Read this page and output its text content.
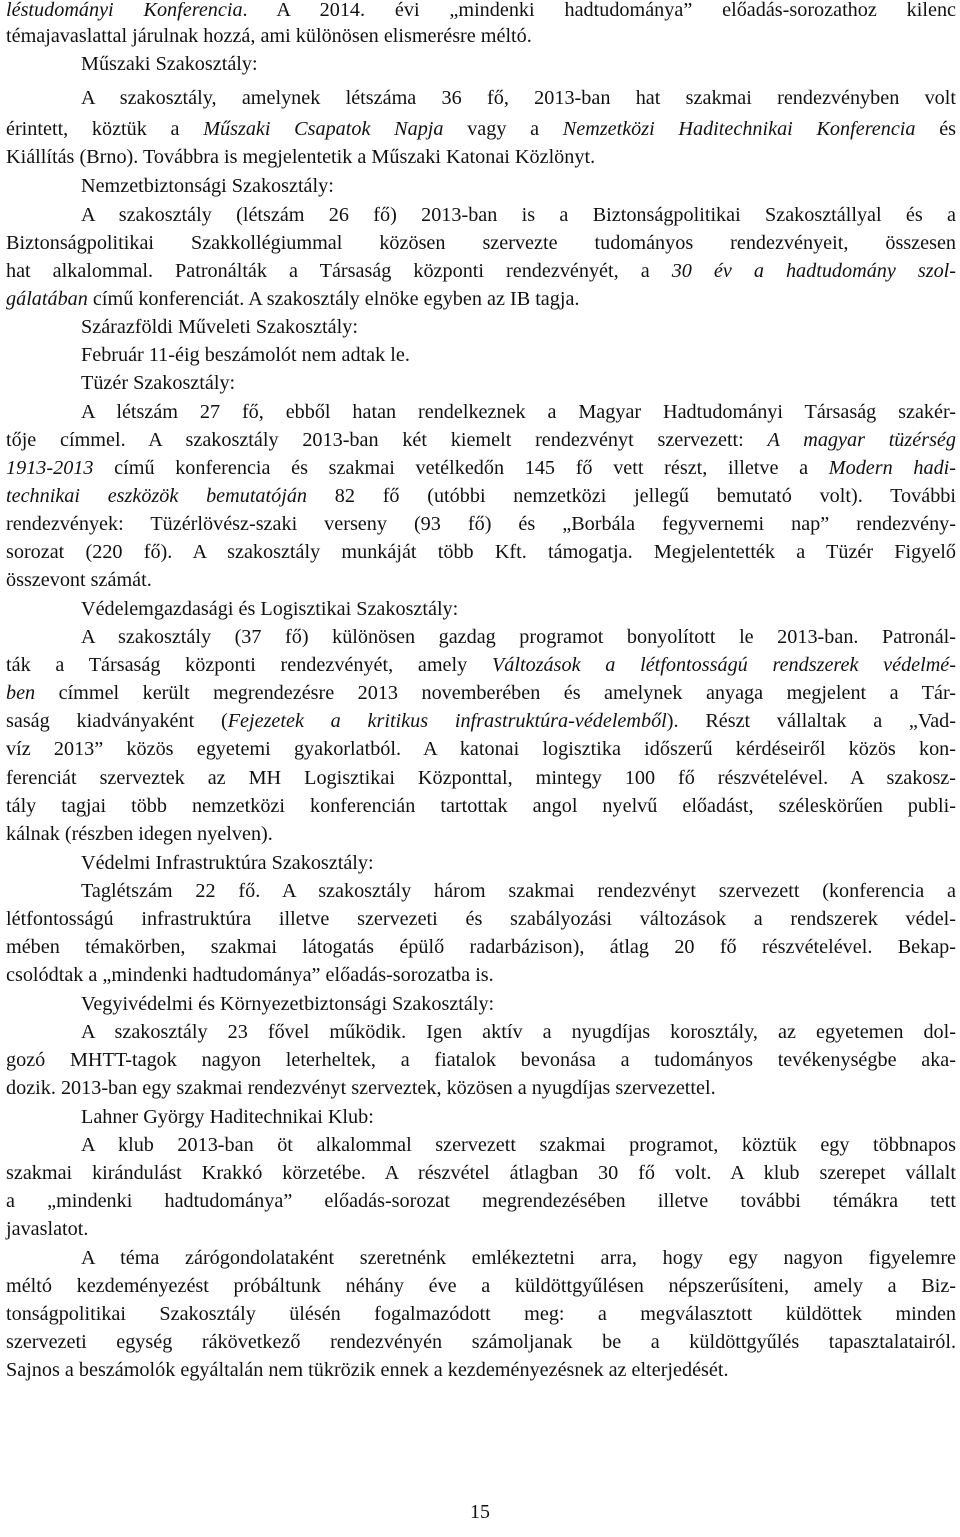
léstudományi Konferencia. A 2014. évi „mindenki hadtudománya” előadás-sorozathoz kilenc
témajavaslattal járulnak hozzá, ami különösen elismerésre méltó.
Műszaki Szakosztály:
A szakosztály, amelynek létszáma 36 fő, 2013-ban hat szakmai rendezvényben volt
érintett, köztük a Műszaki Csapatok Napja vagy a Nemzetközi Haditechnikai Konferencia és
Kiállítás (Brno). Továbbra is megjelentetik a Műszaki Katonai Közlönyt.
Nemzetbiztonsági Szakosztály:
A szakosztály (létszám 26 fő) 2013-ban is a Biztonságpolitikai Szakosztállyal és a
Biztonságpolitikai Szakkollégiummal közösen szervezte tudományos rendezvényeit, összesen
hat alkalommal. Patronálták a Társaság központi rendezvényét, a 30 év a hadtudomány szol-
gálatában című konferenciát. A szakosztály elnöke egyben az IB tagja.
Szárazföldi Műveleti Szakosztály:
Február 11-éig beszámolót nem adtak le.
Tüzér Szakosztály:
A létszám 27 fő, ebből hatan rendelkeznek a Magyar Hadtudományi Társaság szakér-
tője címmel. A szakosztály 2013-ban két kiemelt rendezvényt szervezett: A magyar tüzérség
1913-2013 című konferencia és szakmai vetélkedőn 145 fő vett részt, illetve a Modern hadi-
technikai eszközök bemutatóján 82 fő (utóbbi nemzetközi jellegű bemutató volt). További
rendezvények: Tüzérlövész-szaki verseny (93 fő) és „Borbála fegyvernemi nap” rendezvény-
sorozat (220 fő). A szakosztály munkáját több Kft. támogatja. Megjelentették a Tüzér Figyelő
összevont számát.
Védelemgazdasági és Logisztikai Szakosztály:
A szakosztály (37 fő) különösen gazdag programot bonyolított le 2013-ban. Patronál-
ták a Társaság központi rendezvényét, amely Változások a létfontosságú rendszerek védelmé-
ben címmel került megrendezésre 2013 novemberében és amelynek anyaga megjelent a Tár-
saság kiadványaként (Fejezetek a kritikus infrastruktúra-védelemből). Részt vállaltak a „Vad-
víz 2013” közös egyetemi gyakorlatból. A katonai logisztika időszerű kérdéseiről közös kon-
ferenciát szerveztek az MH Logisztikai Központtal, mintegy 100 fő részvételével. A szakosz-
tály tagjai több nemzetközi konferencián tartottak angol nyelvű előadást, széleskörűen publi-
kálnak (részben idegen nyelven).
Védelmi Infrastruktúra Szakosztály:
Taglétszám 22 fő. A szakosztály három szakmai rendezvényt szervezett (konferencia a
létfontosságú infrastruktúra illetve szervezeti és szabályozási változások a rendszerek védel-
mében témakörben, szakmai látogatás épülő radarbázison), átlag 20 fő részvételével. Bekap-
csolódtak a „mindenki hadtudománya” előadás-sorozatba is.
Vegyivédelmi és Környezetbiztonsági Szakosztály:
A szakosztály 23 fővel működik. Igen aktív a nyugdíjas korosztály, az egyetemen dol-
gozó MHTT-tagok nagyon leterheltek, a fiatalok bevonása a tudományos tevékenységbe aka-
dozik. 2013-ban egy szakmai rendezvényt szerveztek, közösen a nyugdíjas szervezettel.
Lahner György Haditechnikai Klub:
A klub 2013-ban öt alkalommal szervezett szakmai programot, köztük egy többnapos
szakmai kirándulást Krakkó körzetébe. A részvétel átlagban 30 fő volt. A klub szerepet vállalt
a „mindenki hadtudománya” előadás-sorozat megrendezésében illetve további témákra tett
javaslatot.
A téma zárógondolataként szeretnénk emlékeztetni arra, hogy egy nagyon figyelemre
méltó kezdeményezést próbáltunk néhány éve a küldöttgyűlésen népszerűsíteni, amely a Biz-
tonságpolitikai Szakosztály ülésén fogalmazódott meg: a megválasztott küldöttek minden
szervezeti egység rákövetkező rendezvényén számoljanak be a küldöttgyűlés tapasztalatairól.
Sajnos a beszámolók egyáltalán nem tükrözik ennek a kezdeményezésnek az elterjedését.
15
